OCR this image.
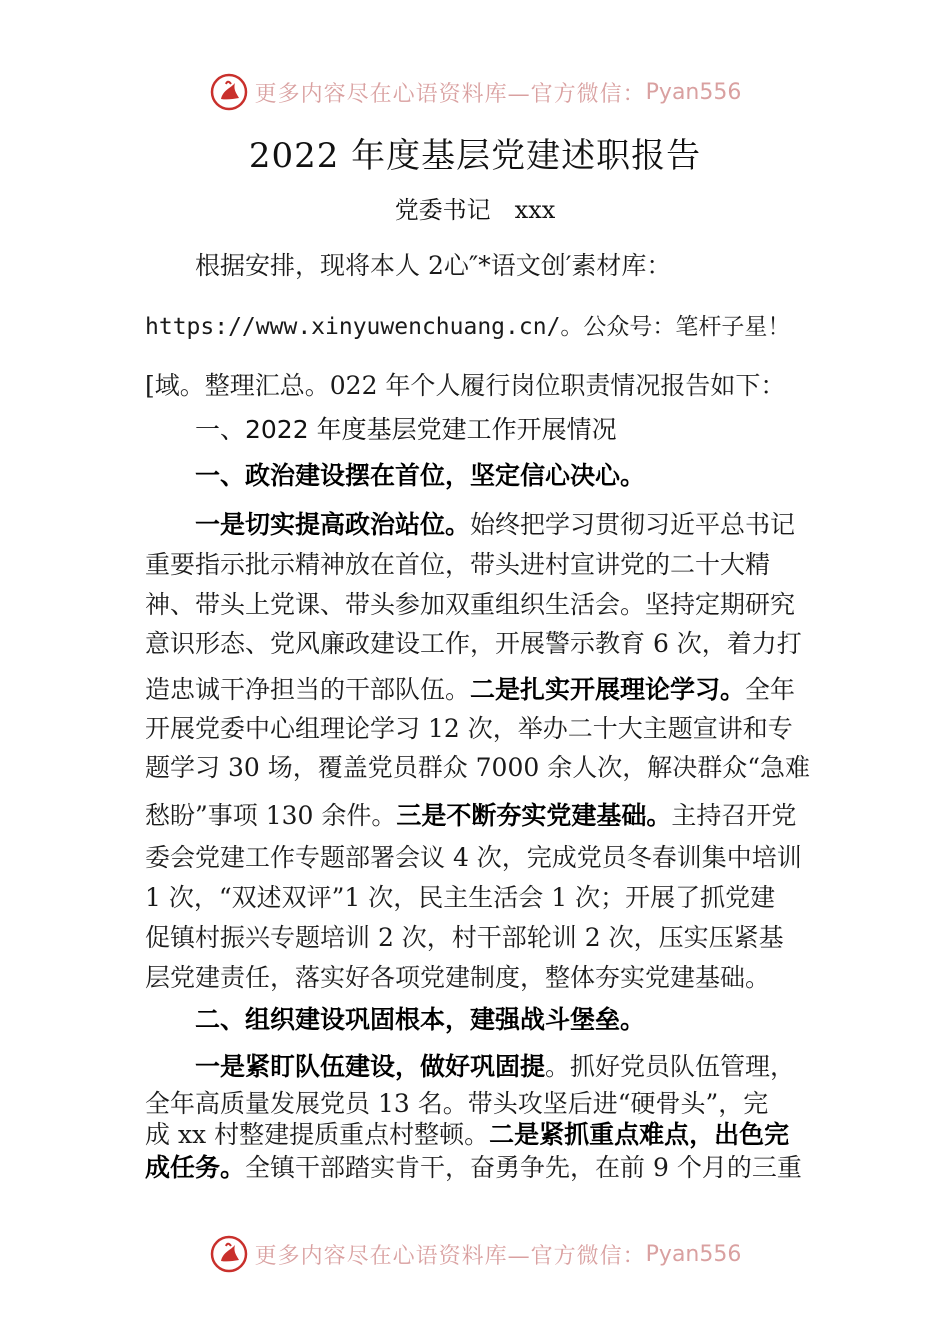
更多内容尽在心语资料库—官方微信： Pyan556
2022 年度基层党建述职报告
党委书记　xxx
根据安排，现将本人 2心″*语文创′素材库：
https://www.xinyuwenchuang.cn/。公众号：笔杆子星！
[域。整理汇总。022 年个人履行岗位职责情况报告如下：
一、2022 年度基层党建工作开展情况
一、政治建设摆在首位，坚定信心决心。
一是切实提高政治站位。始终把学习贯彻习近平总书记
重要指示批示精神放在首位，带头进村宣讲党的二十大精
神、带头上党课、带头参加双重组织生活会。坚持定期研究
意识形态、党风廉政建设工作，开展警示教育 6 次，着力打
造忠诚干净担当的干部队伍。二是扎实开展理论学习。全年
开展党委中心组理论学习 12 次，举办二十大主题宣讲和专
题学习 30 场，覆盖党员群众 7000 余人次，解决群众“急难
愁盼”事项 130 余件。三是不断夯实党建基础。主持召开党
委会党建工作专题部署会议 4 次，完成党员冬春训集中培训
1 次，“双述双评”1 次，民主生活会 1 次；开展了抓党建
促镇村振兴专题培训 2 次，村干部轮训 2 次，压实压紧基
层党建责任，落实好各项党建制度，整体夯实党建基础。
二、组织建设巩固根本，建强战斗堡垒。
一是紧盯队伍建设，做好巩固提。抓好党员队伍管理，
全年高质量发展党员 13 名。带头攻坚后进“硬骨头”，完
成 xx 村整建提质重点村整顿。二是紧抓重点难点，出色完
成任务。全镇干部踏实肯干，奋勇争先，在前 9 个月的三重
更多内容尽在心语资料库—官方微信： Pyan556
